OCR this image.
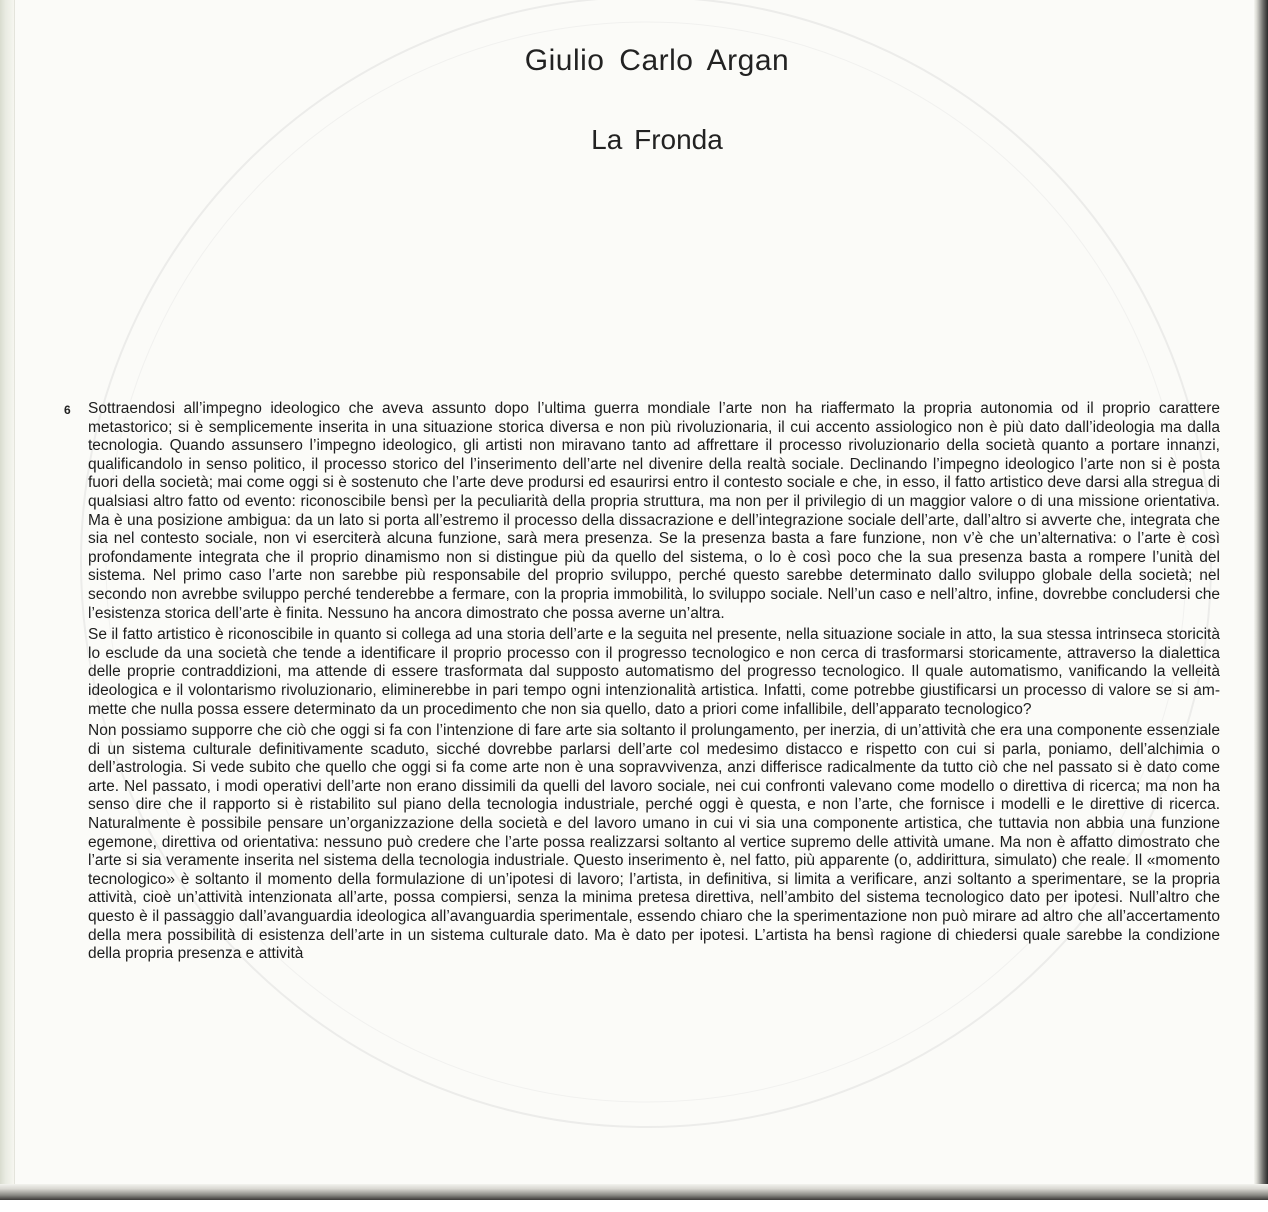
Giulio Carlo Argan
La Fronda
6 Sottraendosi all’impegno ideologico che aveva assunto dopo l’ultima guerra mondiale l’arte non ha riaffermato la propria autonomia od il proprio carattere metastorico; si è semplicemente inserita in una situazione storica diversa e non più rivoluzionaria, il cui accento assiologico non è più dato dall’ideologia ma dalla tecnologia. Quando assunsero l’impegno ideologico, gli artisti non miravano tanto ad affrettare il processo rivoluzionario della società quanto a portare innanzi, qualificandolo in senso politico, il processo storico del l’inserimento dell’arte nel divenire della realtà sociale. Declinando l’impegno ideologico l’arte non si è posta fuori della società; mai come oggi si è sostenuto che l’arte deve prodursi ed esaurirsi entro il contesto sociale e che, in esso, il fatto artistico deve darsi alla stregua di qualsiasi altro fatto od evento: riconoscibile bensì per la peculiarità della propria struttura, ma non per il privilegio di un maggior valore o di una missione orientativa. Ma è una posizione ambigua: da un lato si porta all’estremo il processo della dissacrazione e dell’integrazione sociale dell’arte, dall’altro si avverte che, integrata che sia nel contesto sociale, non vi eserciterà alcuna funzione, sarà mera presenza. Se la presenza basta a fare funzione, non v’è che un’alternativa: o l’arte è così profondamente integrata che il proprio dinamismo non si distingue più da quello del sistema, o lo è così poco che la sua presenza basta a rompere l’unità del sistema. Nel primo caso l’arte non sarebbe più responsabile del proprio sviluppo, perché questo sarebbe determinato dallo sviluppo globale della società; nel secondo non avrebbe sviluppo perché tenderebbe a fermare, con la propria immobilità, lo sviluppo sociale. Nell’un caso e nell’altro, infine, dovrebbe concludersi che l’esistenza storica dell’arte è finita. Nessuno ha ancora dimostrato che possa averne un’altra.

Se il fatto artistico è riconoscibile in quanto si collega ad una storia dell’arte e la seguita nel presente, nella situazione sociale in atto, la sua stessa intrinseca storicità lo esclude da una società che tende a identificare il proprio processo con il progresso tecnologico e non cerca di trasformarsi storicamente, attraverso la dialettica delle proprie contraddizioni, ma attende di essere trasformata dal supposto automatismo del progresso tecnologico. Il quale automatismo, vanificando la velleità ideologica e il volontarismo rivoluzionario, eliminerebbe in pari tempo ogni intenzionalità artistica. Infatti, come potrebbe giustificarsi un processo di valore se si ammette che nulla possa essere determinato da un procedimento che non sia quello, dato a priori come infallibile, dell’apparato tecnologico?

Non possiamo supporre che ciò che oggi si fa con l’intenzione di fare arte sia soltanto il prolungamento, per inerzia, di un’attività che era una componente essenziale di un sistema culturale definitivamente scaduto, sicché dovrebbe parlarsi dell’arte col medesimo distacco e rispetto con cui si parla, poniamo, dell’alchimia o dell’astrologia. Si vede subito che quello che oggi si fa come arte non è una sopravvivenza, anzi differisce radicalmente da tutto ciò che nel passato si è dato come arte. Nel passato, i modi operativi dell’arte non erano dissimili da quelli del lavoro sociale, nei cui confronti valevano come modello o direttiva di ricerca; ma non ha senso dire che il rapporto si è ristabilito sul piano della tecnologia industriale, perché oggi è questa, e non l’arte, che fornisce i modelli e le direttive di ricerca. Naturalmente è possibile pensare un’organizzazione della società e del lavoro umano in cui vi sia una componente artistica, che tuttavia non abbia una funzione egemone, direttiva od orientativa: nessuno può credere che l’arte possa realizzarsi soltanto al vertice supremo delle attività umane. Ma non è affatto dimostrato che l’arte si sia veramente inserita nel sistema della tecnologia industriale. Questo inserimento è, nel fatto, più apparente (o, addirittura, simulato) che reale. Il «momento tecnologico» è soltanto il momento della formulazione di un’ipotesi di lavoro; l’artista, in definitiva, si limita a verificare, anzi soltanto a sperimentare, se la propria attività, cioè un’attività intenzionata all’arte, possa compiersi, senza la minima pretesa direttiva, nell’ambito del sistema tecnologico dato per ipotesi. Null’altro che questo è il passaggio dall’avanguardia ideologica all’avanguardia sperimentale, essendo chiaro che la sperimentazione non può mirare ad altro che all’accertamento della mera possibilità di esistenza dell’arte in un sistema culturale dato. Ma è dato per ipotesi. L’artista ha bensì ragione di chiedersi quale sarebbe la condizione della propria presenza e attività
